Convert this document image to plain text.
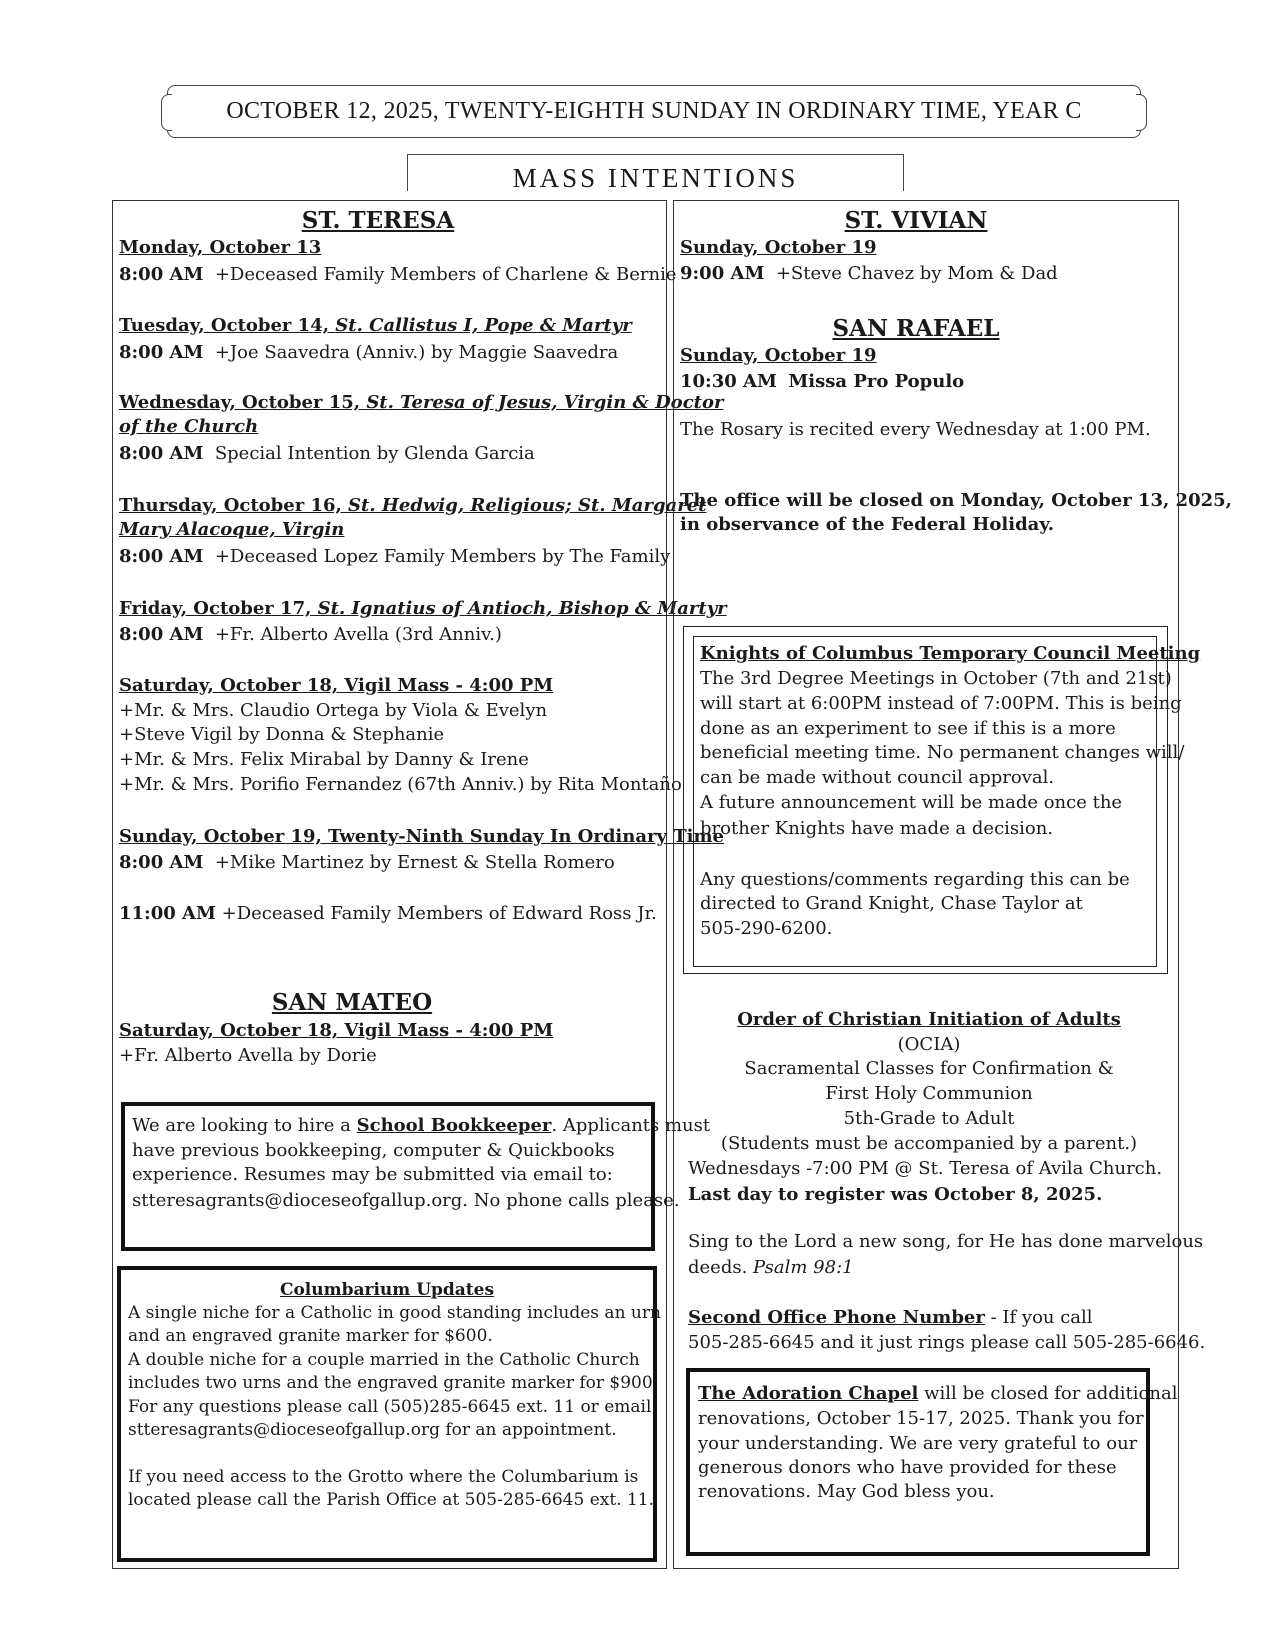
OCTOBER 12, 2025, TWENTY-EIGHTH SUNDAY IN ORDINARY TIME, YEAR C
MASS INTENTIONS
ST. TERESA
Monday, October 13
8:00 AM +Deceased Family Members of Charlene & Bernie
Tuesday, October 14, St. Callistus I, Pope & Martyr
8:00 AM +Joe Saavedra (Anniv.) by Maggie Saavedra
Wednesday, October 15, St. Teresa of Jesus, Virgin & Doctor
of the Church
8:00 AM Special Intention by Glenda Garcia
Thursday, October 16, St. Hedwig, Religious; St. Margaret
Mary Alacoque, Virgin
8:00 AM +Deceased Lopez Family Members by The Family
Friday, October 17, St. Ignatius of Antioch, Bishop & Martyr
8:00 AM +Fr. Alberto Avella (3rd Anniv.)
Saturday, October 18, Vigil Mass - 4:00 PM
+Mr. & Mrs. Claudio Ortega by Viola & Evelyn
+Steve Vigil by Donna & Stephanie
+Mr. & Mrs. Felix Mirabal by Danny & Irene
+Mr. & Mrs. Porifio Fernandez (67th Anniv.) by Rita Montaño
Sunday, October 19, Twenty-Ninth Sunday In Ordinary Time
8:00 AM +Mike Martinez by Ernest & Stella Romero
11:00 AM +Deceased Family Members of Edward Ross Jr.
SAN MATEO
Saturday, October 18, Vigil Mass - 4:00 PM
+Fr. Alberto Avella by Dorie
We are looking to hire a School Bookkeeper. Applicants must
have previous bookkeeping, computer & Quickbooks
experience. Resumes may be submitted via email to:
stteresagrants@dioceseofgallup.org. No phone calls please.
Columbarium Updates
A single niche for a Catholic in good standing includes an urn
and an engraved granite marker for $600.
A double niche for a couple married in the Catholic Church
includes two urns and the engraved granite marker for $900.
For any questions please call (505)285-6645 ext. 11 or email
stteresagrants@dioceseofgallup.org for an appointment.
If you need access to the Grotto where the Columbarium is
located please call the Parish Office at 505-285-6645 ext. 11.
ST. VIVIAN
Sunday, October 19
9:00 AM +Steve Chavez by Mom & Dad
SAN RAFAEL
Sunday, October 19
10:30 AM Missa Pro Populo
The Rosary is recited every Wednesday at 1:00 PM.
The office will be closed on Monday, October 13, 2025,
in observance of the Federal Holiday.
Knights of Columbus Temporary Council Meeting
The 3rd Degree Meetings in October (7th and 21st)
will start at 6:00PM instead of 7:00PM. This is being
done as an experiment to see if this is a more
beneficial meeting time. No permanent changes will/
can be made without council approval.
A future announcement will be made once the
brother Knights have made a decision.
Any questions/comments regarding this can be
directed to Grand Knight, Chase Taylor at
505-290-6200.
Order of Christian Initiation of Adults
(OCIA)
Sacramental Classes for Confirmation &
First Holy Communion
5th-Grade to Adult
(Students must be accompanied by a parent.)
Wednesdays -7:00 PM @ St. Teresa of Avila Church.
Last day to register was October 8, 2025.
Sing to the Lord a new song, for He has done marvelous
deeds. Psalm 98:1
Second Office Phone Number - If you call
505-285-6645 and it just rings please call 505-285-6646.
The Adoration Chapel will be closed for additional
renovations, October 15-17, 2025. Thank you for
your understanding. We are very grateful to our
generous donors who have provided for these
renovations. May God bless you.
